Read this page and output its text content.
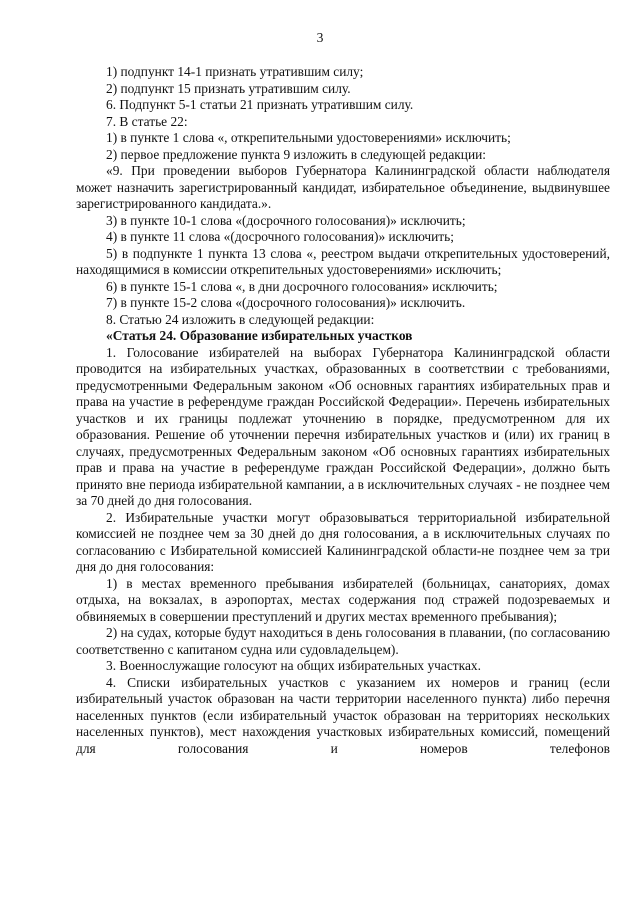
3

1) подпункт 14-1 признать утратившим силу;

2) подпункт 15 признать утратившим силу.

6. Подпункт 5-1 статьи 21 признать утратившим силу.

7. В статье 22:

1) в пункте 1 слова «, открепительными удостоверениями» исключить;

2) первое предложение пункта 9 изложить в следующей редакции:

«9. При проведении выборов Губернатора Калининградской области наблюдателя может назначить зарегистрированный кандидат, избирательное объединение, выдвинувшее зарегистрированного кандидата.».

3) в пункте 10-1 слова «(досрочного голосования)» исключить;

4) в пункте 11 слова «(досрочного голосования)» исключить;

5) в подпункте 1 пункта 13 слова «, реестром выдачи открепительных удостоверений, находящимися в комиссии открепительных удостоверениями» исключить;

6) в пункте 15-1 слова «, в дни досрочного голосования» исключить;

7) в пункте 15-2 слова «(досрочного голосования)» исключить.

8. Статью 24 изложить в следующей редакции:

«Статья 24. Образование избирательных участков

1. Голосование избирателей на выборах Губернатора Калининградской области проводится на избирательных участках, образованных в соответствии с требованиями, предусмотренными Федеральным законом «Об основных гарантиях избирательных прав и права на участие в референдуме граждан Российской Федерации». Перечень избирательных участков и их границы подлежат уточнению в порядке, предусмотренном для их образования. Решение об уточнении перечня избирательных участков и (или) их границ в случаях, предусмотренных Федеральным законом «Об основных гарантиях избирательных прав и права на участие в референдуме граждан Российской Федерации», должно быть принято вне периода избирательной кампании, а в исключительных случаях - не позднее чем за 70 дней до дня голосования.

2. Избирательные участки могут образовываться территориальной избирательной комиссией не позднее чем за 30 дней до дня голосования, а в исключительных случаях по согласованию с Избирательной комиссией Калининградской области-не позднее чем за три дня до дня голосования:

1) в местах временного пребывания избирателей (больницах, санаториях, домах отдыха, на вокзалах, в аэропортах, местах содержания под стражей подозреваемых и обвиняемых в совершении преступлений и других местах временного пребывания);

2) на судах, которые будут находиться в день голосования в плавании, (по согласованию соответственно с капитаном судна или судовладельцем).

3. Военнослужащие голосуют на общих избирательных участках.

4. Списки избирательных участков с указанием их номеров и границ (если избирательный участок образован на части территории населенного пункта) либо перечня населенных пунктов (если избирательный участок образован на территориях нескольких населенных пунктов), мест нахождения участковых избирательных комиссий, помещений для голосования и номеров телефонов
